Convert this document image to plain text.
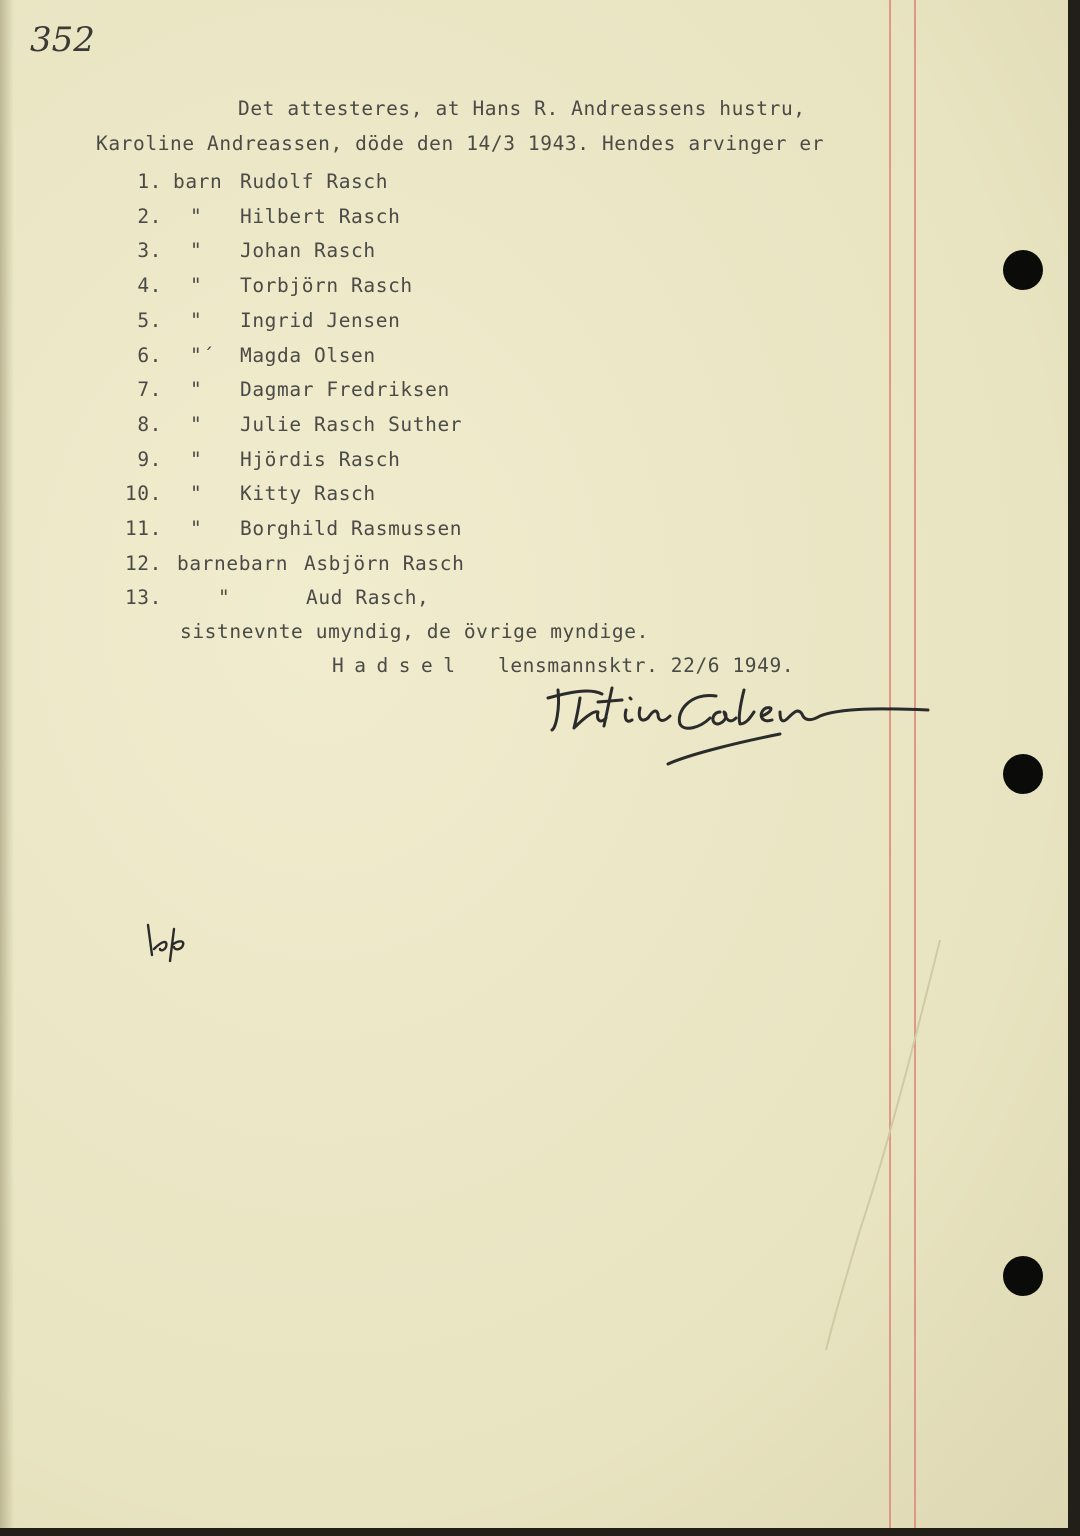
352
Det attesteres, at Hans R. Andreassens hustru,
Karoline Andreassen, döde den 14/3 1943. Hendes arvinger er
1. barn Rudolf Rasch
2. " Hilbert Rasch
3. " Johan Rasch
4. " Torbjörn Rasch
5. " Ingrid Jensen
6. "´ Magda Olsen
7. " Dagmar Fredriksen
8. " Julie Rasch Suther
9. " Hjördis Rasch
10. " Kitty Rasch
11. " Borghild Rasmussen
12. barnebarn Asbjörn Rasch
13.	"	Aud Rasch,
sistnevnte umyndig, de övrige myndige.
Hadsel lensmannsktr. 22/6 1949.
